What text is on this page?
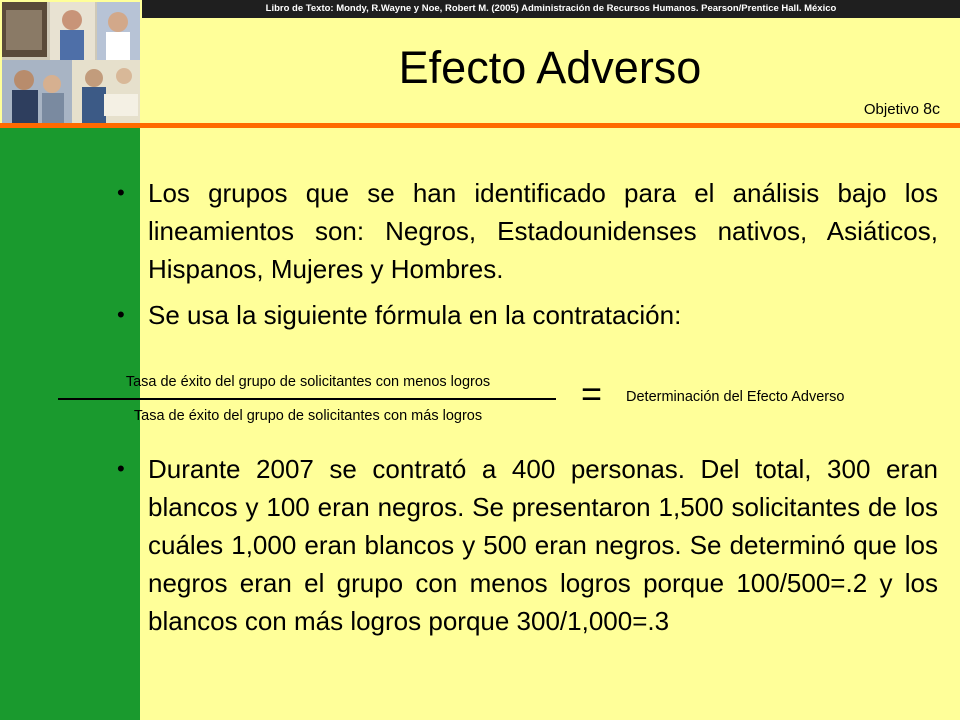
Libro de Texto: Mondy, R.Wayne y Noe, Robert M. (2005) Administración de Recursos Humanos. Pearson/Prentice Hall. México
Efecto Adverso
Objetivo 8c
• Los grupos que se han identificado para el análisis bajo los lineamientos son: Negros, Estadounidenses nativos, Asiáticos, Hispanos, Mujeres y Hombres.
• Se usa la siguiente fórmula en la contratación:
Tasa de éxito del grupo de solicitantes con menos logros
Tasa de éxito del grupo de solicitantes con más logros
= Determinación del Efecto Adverso
• Durante 2007 se contrató a 400 personas. Del total, 300 eran blancos y 100 eran negros. Se presentaron 1,500 solicitantes de los cuáles 1,000 eran blancos y 500 eran negros. Se determinó que los negros eran el grupo con menos logros porque 100/500=.2 y los blancos con más logros porque 300/1,000=.3
